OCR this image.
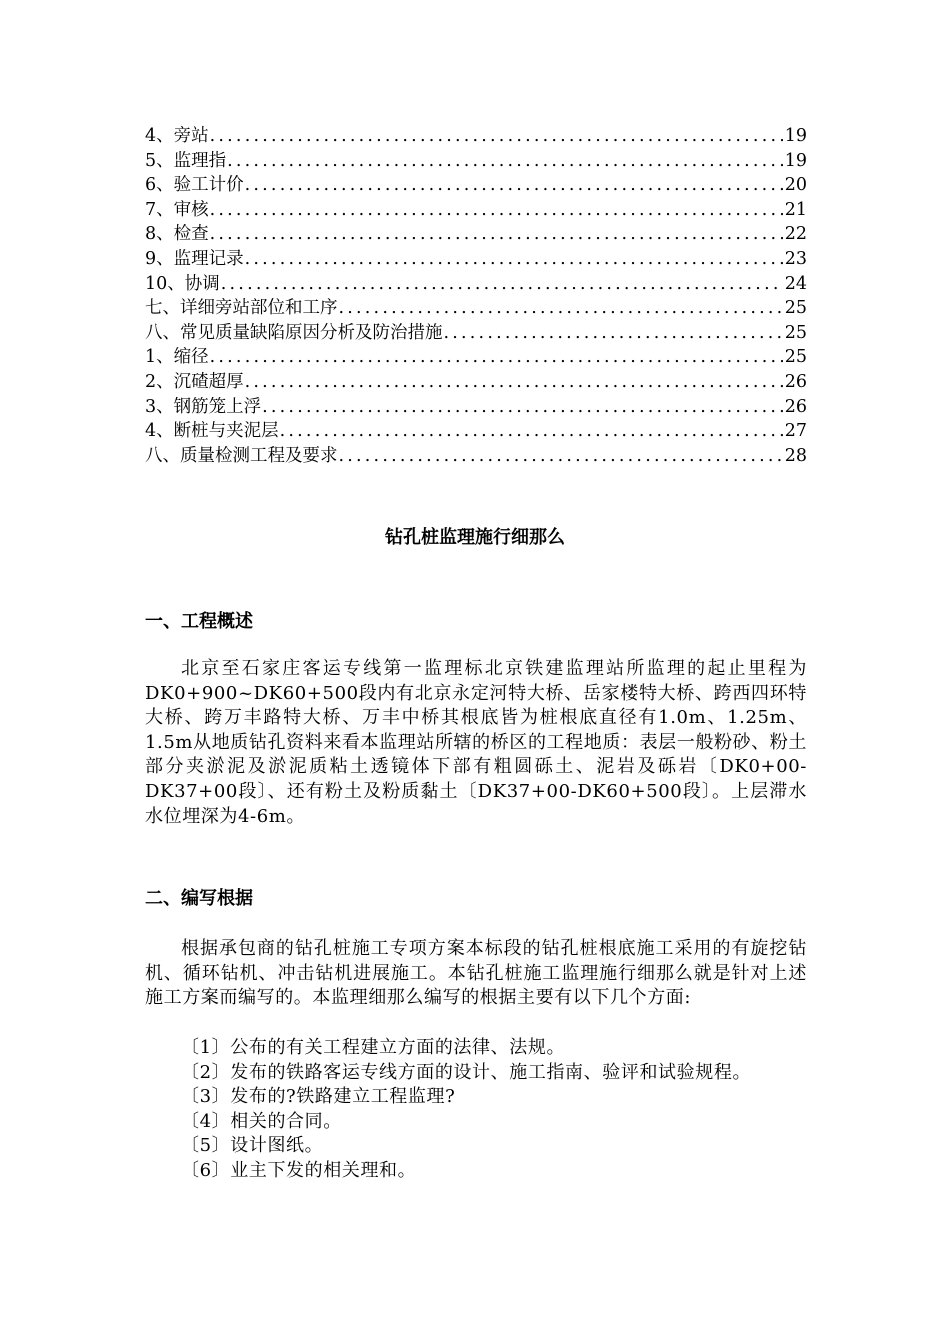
4、旁站 .....	19
5、监理指 .....	19
6、验工计价 .....	20
7、审核 .....	21
8、检查 .....	22
9、监理记录 .....	23
10、协调 .....	24
七、详细旁站部位和工序 .....	25
八、常见质量缺陷原因分析及防治措施 .....	25
1、缩径 .....	25
2、沉碴超厚 .....	26
3、钢筋笼上浮 .....	26
4、断桩与夹泥层 .....	27
八、质量检测工程及要求 .....	28
钻孔桩监理施行细那么
一、工程概述

北京至石家庄客运专线第一监理标北京铁建监理站所监理的起止里程为DK0+900~DK60+500段内有北京永定河特大桥、岳家楼特大桥、跨西四环特大桥、跨万丰路特大桥、万丰中桥其根底皆为桩根底直径有1.0m、1.25m、1.5m从地质钻孔资料来看本监理站所辖的桥区的工程地质：表层一般粉砂、粉土部分夹淤泥及淤泥质粘土透镜体下部有粗圆砾土、泥岩及砾岩〔DK0+00-DK37+00段〕、还有粉土及粉质黏土〔DK37+00-DK60+500段〕。上层滞水水位埋深为4-6m。

二、编写根据

根据承包商的钻孔桩施工专项方案本标段的钻孔桩根底施工采用的有旋挖钻机、循环钻机、冲击钻机进展施工。本钻孔桩施工监理施行细那么就是针对上述施工方案而编写的。本监理细那么编写的根据主要有以下几个方面:

〔1〕公布的有关工程建立方面的法律、法规。

〔2〕发布的铁路客运专线方面的设计、施工指南、验评和试验规程。

〔3〕发布的?铁路建立工程监理?

〔4〕相关的合同。

〔5〕设计图纸。

〔6〕业主下发的相关理和。
